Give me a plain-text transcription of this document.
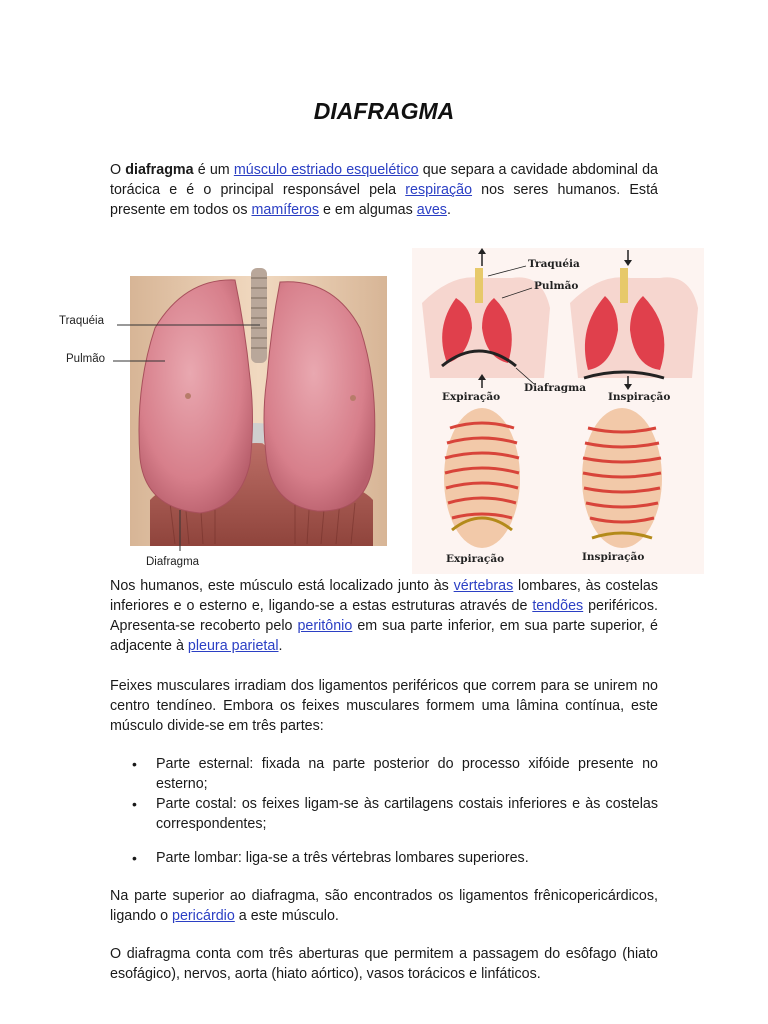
DIAFRAGMA

O diafragma é um músculo estriado esquelético que separa a cavidade abdominal da torácica e é o principal responsável pela respiração nos seres humanos. Está presente em todos os mamíferos e em algumas aves.

Traquéia
Pulmão
Diafragma
Traquéia
Pulmão
Diafragma
Expiração	Inspiração
Expiração	Inspiração

Nos humanos, este músculo está localizado junto às vértebras lombares, às costelas inferiores e o esterno e, ligando-se a estas estruturas através de tendões periféricos. Apresenta-se recoberto pelo peritônio em sua parte inferior, em sua parte superior, é adjacente à pleura parietal.

Feixes musculares irradiam dos ligamentos periféricos que correm para se unirem no centro tendíneo. Embora os feixes musculares formem uma lâmina contínua, este músculo divide-se em três partes:

• Parte esternal: fixada na parte posterior do processo xifóide presente no esterno;
• Parte costal: os feixes ligam-se às cartilagens costais inferiores e às costelas correspondentes;
• Parte lombar: liga-se a três vértebras lombares superiores.

Na parte superior ao diafragma, são encontrados os ligamentos frênicopericárdicos, ligando o pericárdio a este músculo.

O diafragma conta com três aberturas que permitem a passagem do esôfago (hiato esofágico), nervos, aorta (hiato aórtico), vasos torácicos e linfáticos.
